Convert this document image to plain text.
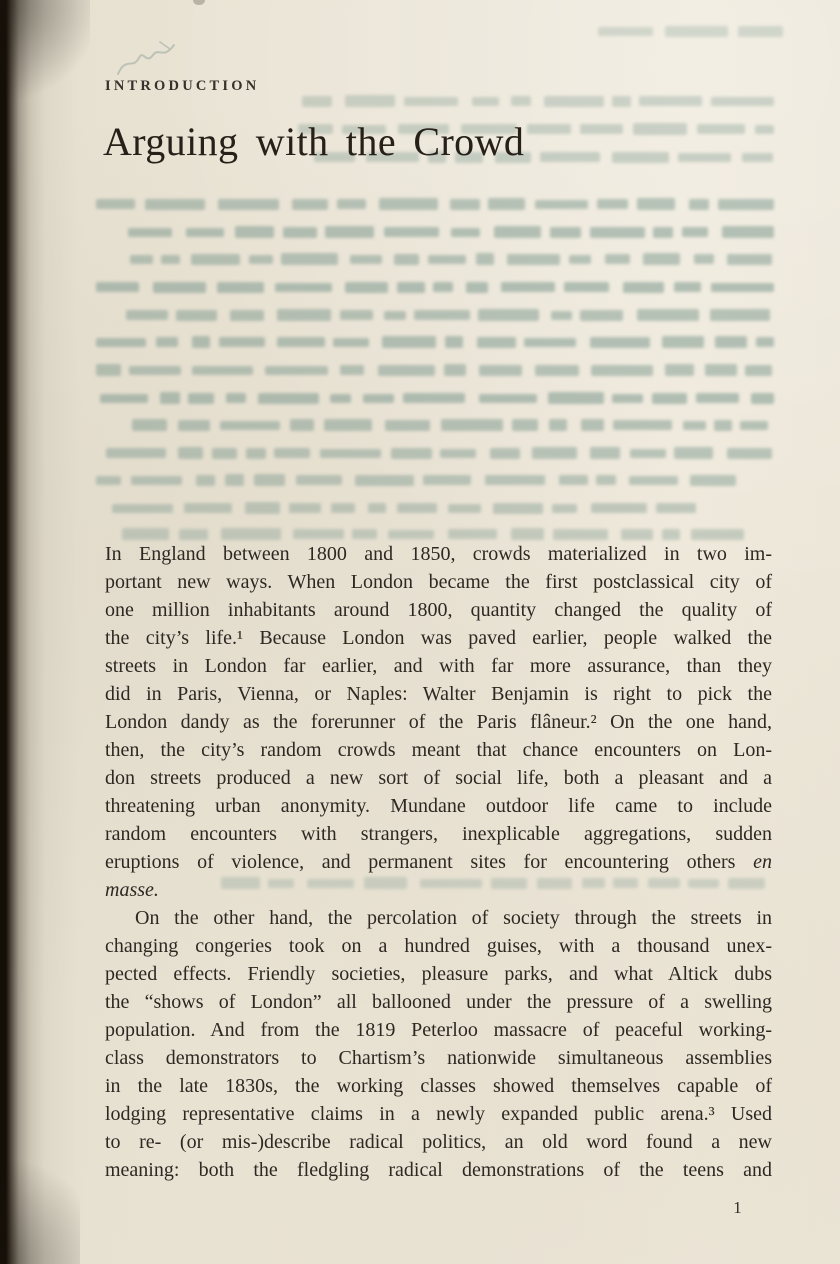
INTRODUCTION
Arguing with the Crowd
In England between 1800 and 1850, crowds materialized in two im-
portant new ways. When London became the first postclassical city of
one million inhabitants around 1800, quantity changed the quality of
the city’s life.¹ Because London was paved earlier, people walked the
streets in London far earlier, and with far more assurance, than they
did in Paris, Vienna, or Naples: Walter Benjamin is right to pick the
London dandy as the forerunner of the Paris flâneur.² On the one hand,
then, the city’s random crowds meant that chance encounters on Lon-
don streets produced a new sort of social life, both a pleasant and a
threatening urban anonymity. Mundane outdoor life came to include
random encounters with strangers, inexplicable aggregations, sudden
eruptions of violence, and permanent sites for encountering others en
masse.
On the other hand, the percolation of society through the streets in
changing congeries took on a hundred guises, with a thousand unex-
pected effects. Friendly societies, pleasure parks, and what Altick dubs
the “shows of London” all ballooned under the pressure of a swelling
population. And from the 1819 Peterloo massacre of peaceful working-
class demonstrators to Chartism’s nationwide simultaneous assemblies
in the late 1830s, the working classes showed themselves capable of
lodging representative claims in a newly expanded public arena.³ Used
to re- (or mis-)describe radical politics, an old word found a new
meaning: both the fledgling radical demonstrations of the teens and
1
